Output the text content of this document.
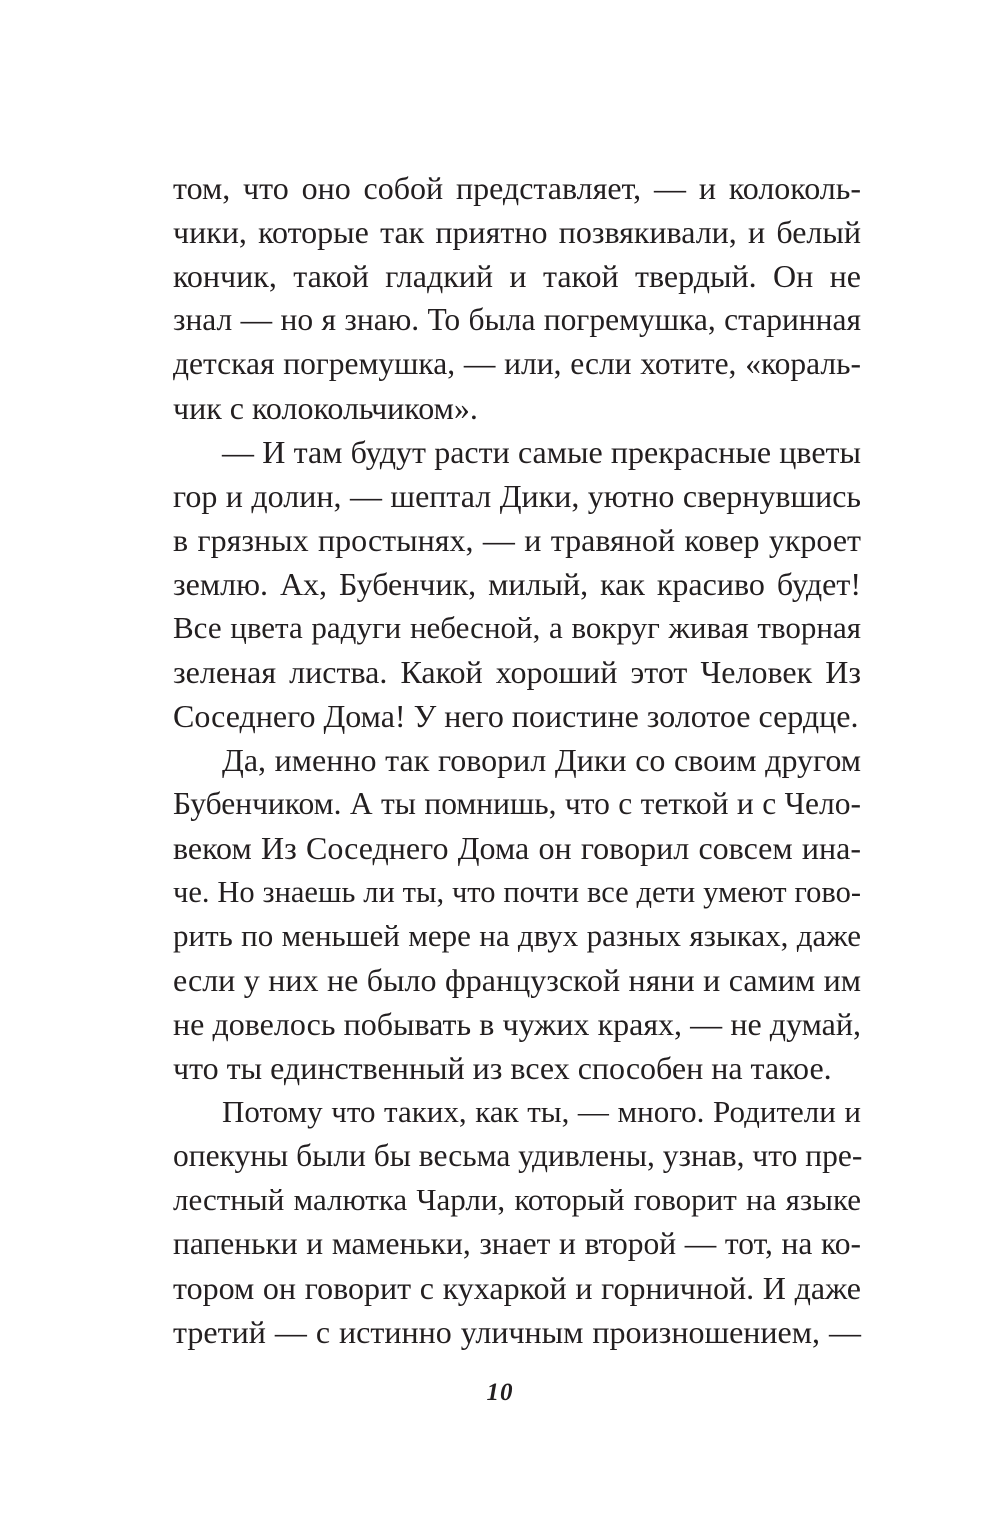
том, что оно собой представляет, — и колоколь-
чики, которые так приятно позвякивали, и белый
кончик, такой гладкий и такой твердый. Он не
знал — но я знаю. То была погремушка, старинная
детская погремушка, — или, если хотите, «кораль-
чик с колокольчиком».
— И там будут расти самые прекрасные цветы
гор и долин, — шептал Дики, уютно свернувшись
в грязных простынях, — и травяной ковер укроет
землю. Ах, Бубенчик, милый, как красиво будет!
Все цвета радуги небесной, а вокруг живая творная
зеленая листва. Какой хороший этот Человек Из
Соседнего Дома! У него поистине золотое сердце.
Да, именно так говорил Дики со своим другом
Бубенчиком. А ты помнишь, что с теткой и с Чело-
веком Из Соседнего Дома он говорил совсем ина-
че. Но знаешь ли ты, что почти все дети умеют гово-
рить по меньшей мере на двух разных языках, даже
если у них не было французской няни и самим им
не довелось побывать в чужих краях, — не думай,
что ты единственный из всех способен на такое.
Потому что таких, как ты, — много. Родители и
опекуны были бы весьма удивлены, узнав, что пре-
лестный малютка Чарли, который говорит на языке
папеньки и маменьки, знает и второй — тот, на ко-
тором он говорит с кухаркой и горничной. И даже
третий — с истинно уличным произношением, —
10
